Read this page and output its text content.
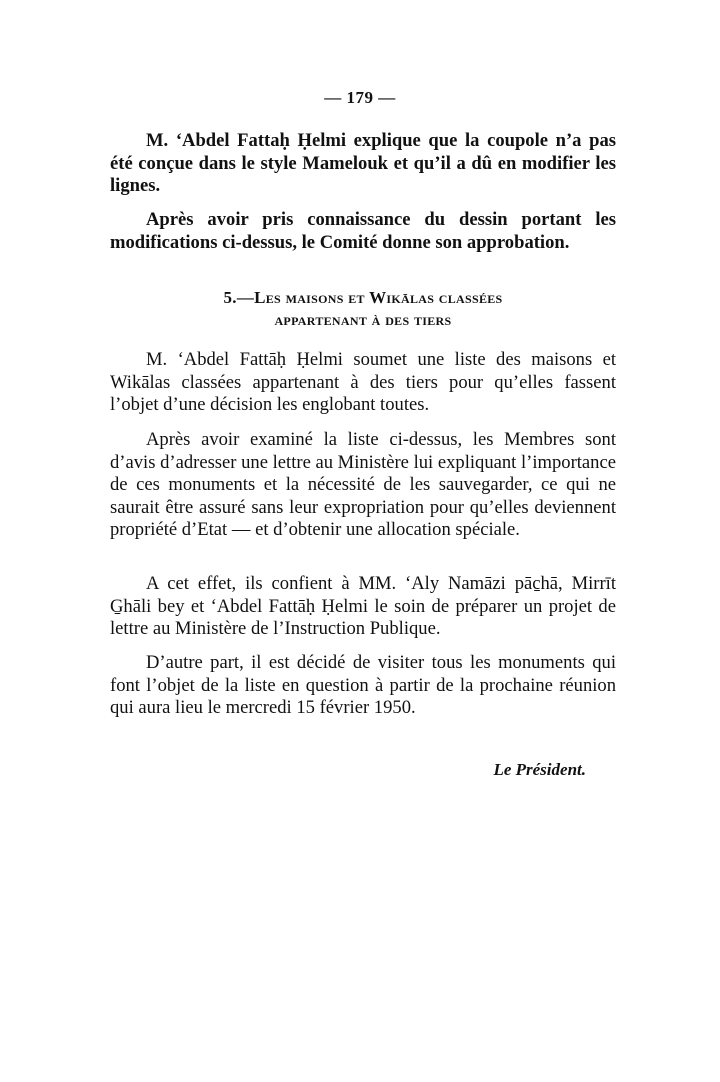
— 179 —

M. ‘Abdel Fattaḥ Ḥelmi explique que la coupole n’a pas été conçue dans le style Mamelouk et qu’il a dû en modifier les lignes.

Après avoir pris connaissance du dessin portant les modifications ci-dessus, le Comité donne son approbation.

5.—Les maisons et Wikālas classées
appartenant à des tiers

M. ‘Abdel Fattāḥ Ḥelmi soumet une liste des maisons et Wikālas classées appartenant à des tiers pour qu’elles fassent l’objet d’une décision les englobant toutes.

Après avoir examiné la liste ci-dessus, les Membres sont d’avis d’adresser une lettre au Ministère lui expliquant l’importance de ces monuments et la nécessité de les sauvegarder, ce qui ne saurait être assuré sans leur expropriation pour qu’elles deviennent propriété d’Etat — et d’obtenir une allocation spéciale.

A cet effet, ils confient à MM. ‘Aly Namāzi pāc̱hā, Mirrīt G̱hāli bey et ‘Abdel Fattāḥ Ḥelmi le soin de préparer un projet de lettre au Ministère de l’Instruction Publique.

D’autre part, il est décidé de visiter tous les monuments qui font l’objet de la liste en question à partir de la prochaine réunion qui aura lieu le mercredi 15 février 1950.

Le Président.
